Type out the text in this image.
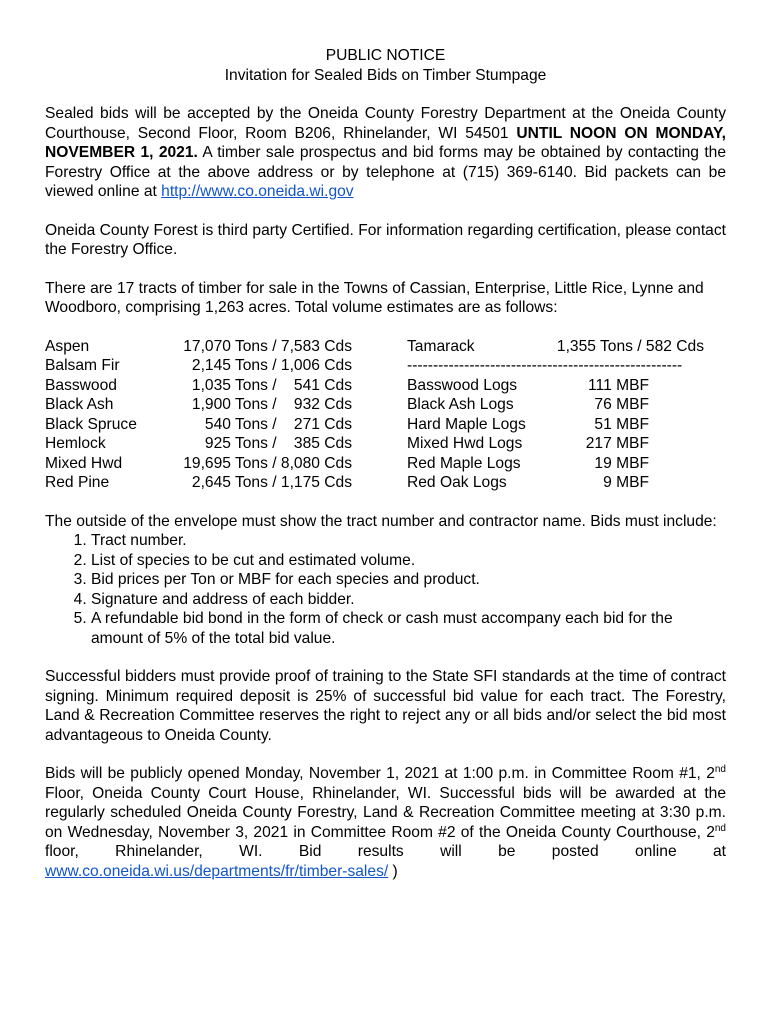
PUBLIC NOTICE

Invitation for Sealed Bids on Timber Stumpage

Sealed bids will be accepted by the Oneida County Forestry Department at the Oneida County Courthouse, Second Floor, Room B206, Rhinelander, WI 54501 UNTIL NOON ON MONDAY, NOVEMBER 1, 2021. A timber sale prospectus and bid forms may be obtained by contacting the Forestry Office at the above address or by telephone at (715) 369-6140. Bid packets can be viewed online at http://www.co.oneida.wi.gov

Oneida County Forest is third party Certified. For information regarding certification, please contact the Forestry Office.

There are 17 tracts of timber for sale in the Towns of Cassian, Enterprise, Little Rice, Lynne and Woodboro, comprising 1,263 acres. Total volume estimates are as follows:

Aspen	17,070 Tons / 7,583 Cds	Tamarack	1,355 Tons / 582 Cds
Balsam Fir	2,145 Tons / 1,006 Cds	-----------------------------------------------------
Basswood	1,035 Tons /    541 Cds	Basswood Logs	111 MBF
Black Ash	1,900 Tons /    932 Cds	Black Ash Logs	76 MBF
Black Spruce	540 Tons /    271 Cds	Hard Maple Logs	51 MBF
Hemlock	925 Tons /    385 Cds	Mixed Hwd Logs	217 MBF
Mixed Hwd	19,695 Tons / 8,080 Cds	Red Maple Logs	19 MBF
Red Pine	2,645 Tons / 1,175 Cds	Red Oak Logs	9 MBF

The outside of the envelope must show the tract number and contractor name. Bids must include:

1. Tract number.
2. List of species to be cut and estimated volume.
3. Bid prices per Ton or MBF for each species and product.
4. Signature and address of each bidder.
5. A refundable bid bond in the form of check or cash must accompany each bid for the amount of 5% of the total bid value.

Successful bidders must provide proof of training to the State SFI standards at the time of contract signing. Minimum required deposit is 25% of successful bid value for each tract. The Forestry, Land & Recreation Committee reserves the right to reject any or all bids and/or select the bid most advantageous to Oneida County.

Bids will be publicly opened Monday, November 1, 2021 at 1:00 p.m. in Committee Room #1, 2nd Floor, Oneida County Court House, Rhinelander, WI. Successful bids will be awarded at the regularly scheduled Oneida County Forestry, Land & Recreation Committee meeting at 3:30 p.m. on Wednesday, November 3, 2021 in Committee Room #2 of the Oneida County Courthouse, 2nd floor, Rhinelander, WI. Bid results will be posted online at www.co.oneida.wi.us/departments/fr/timber-sales/ )
